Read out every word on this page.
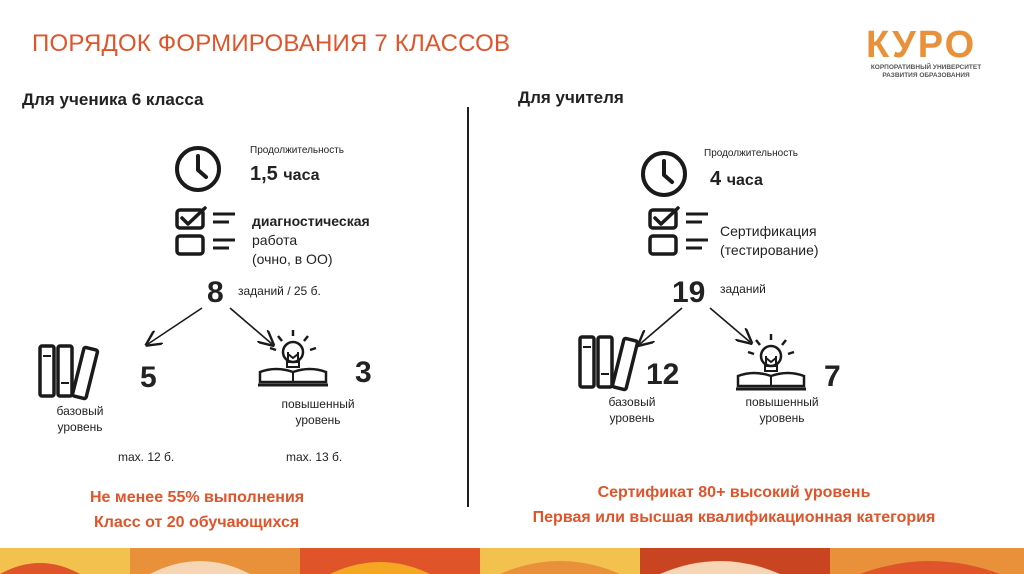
ПОРЯДОК ФОРМИРОВАНИЯ 7 КЛАССОВ	КУРО
КОРПОРАТИВНЫЙ УНИВЕРСИТЕТ
РАЗВИТИЯ ОБРАЗОВАНИЯ
Для ученика 6 класса
Продолжительность
1,5 часа
диагностическая
работа
(очно, в ОО)
8 заданий / 25 б.
5
базовый
уровень
max. 12 б.
3
повышенный
уровень
max. 13 б.
Не менее 55% выполнения
Класс от 20 обучающихся
Для учителя
Продолжительность
4 часа
Сертификация
(тестирование)
19 заданий
12
базовый
уровень
7
повышенный
уровень
Сертификат 80+ высокий уровень
Первая или высшая квалификационная категория
